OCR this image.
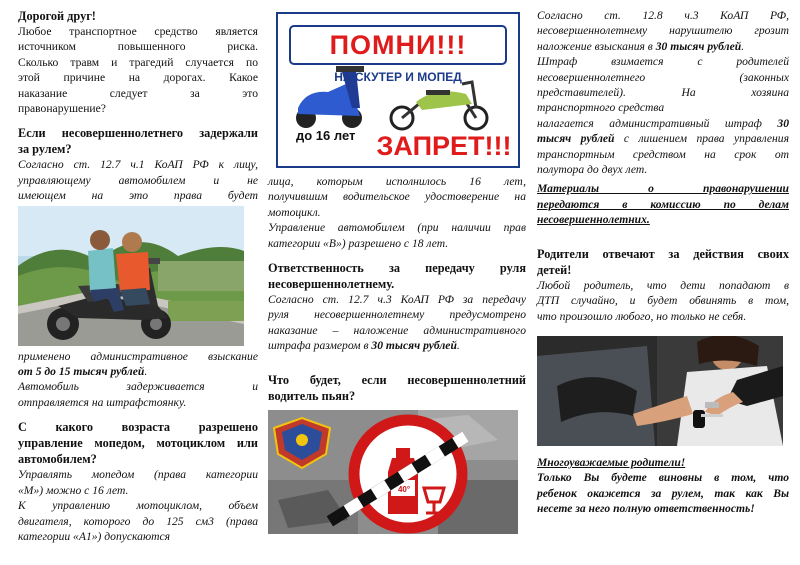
Дорогой друг!

Любое транспортное средство является

источником повышенного риска.

Сколько травм и трагедий случается по

этой причине на дорогах. Какое

наказание следует за это

правонарушение?

Если несовершеннолетнего задержали

за рулем?

Согласно ст. 12.7 ч.1 КоАП РФ к лицу,

управляющему автомобилем и не

имеющем на это права будет

применено административное взыскание

от 5 до 15 тысяч рублей.

Автомобиль задерживается и

отправляется на штрафстоянку.

С какого возраста разрешено

управление мопедом, мотоциклом или

автомобилем?

Управлять мопедом (права категории

«М») можно с 16 лет.

К управлению мотоциклом, объем

двигателя, которого до 125 см3 (права

категории «А1») допускаются

ПОМНИ!!!
НА СКУТЕР И МОПЕД
до 16 лет ЗАПРЕТ!!!

лица, которым исполнилось 16 лет,

получившим водительское удостоверение на

мотоцикл.

Управление автомобилем (при наличии прав

категории «В») разрешено с 18 лет.

Ответственность за передачу руля

несовершеннолетнему.

Согласно ст. 12.7 ч.3 КоАП РФ за передачу

руля несовершеннолетнему предусмотрено

наказание – наложение административного

штрафа размером в 30 тысяч рублей.

Что будет, если несовершеннолетний

водитель пьян?

40°

Согласно ст. 12.8 ч.3 КоАП РФ,

несовершеннолетнему нарушителю грозит

наложение взыскания в 30 тысяч рублей.

Штраф взимается с родителей

несовершеннолетнего (законных

представителей). На хозяина

транспортного средства

налагается административный штраф 30

тысяч рублей с лишением права управления

транспортным средством на срок от

полутора до двух лет.

Материалы о правонарушении

передаются в комиссию по делам

несовершеннолетних.

Родители отвечают за действия своих

детей!

Любой родитель, что дети попадают в

ДТП случайно, и будет обвинять в том,

что произошло любого, но только не себя.

Многоуважаемые родители!

Только Вы будете виновны в том, что

ребенок окажется за рулем, так как Вы

несете за него полную ответственность!
